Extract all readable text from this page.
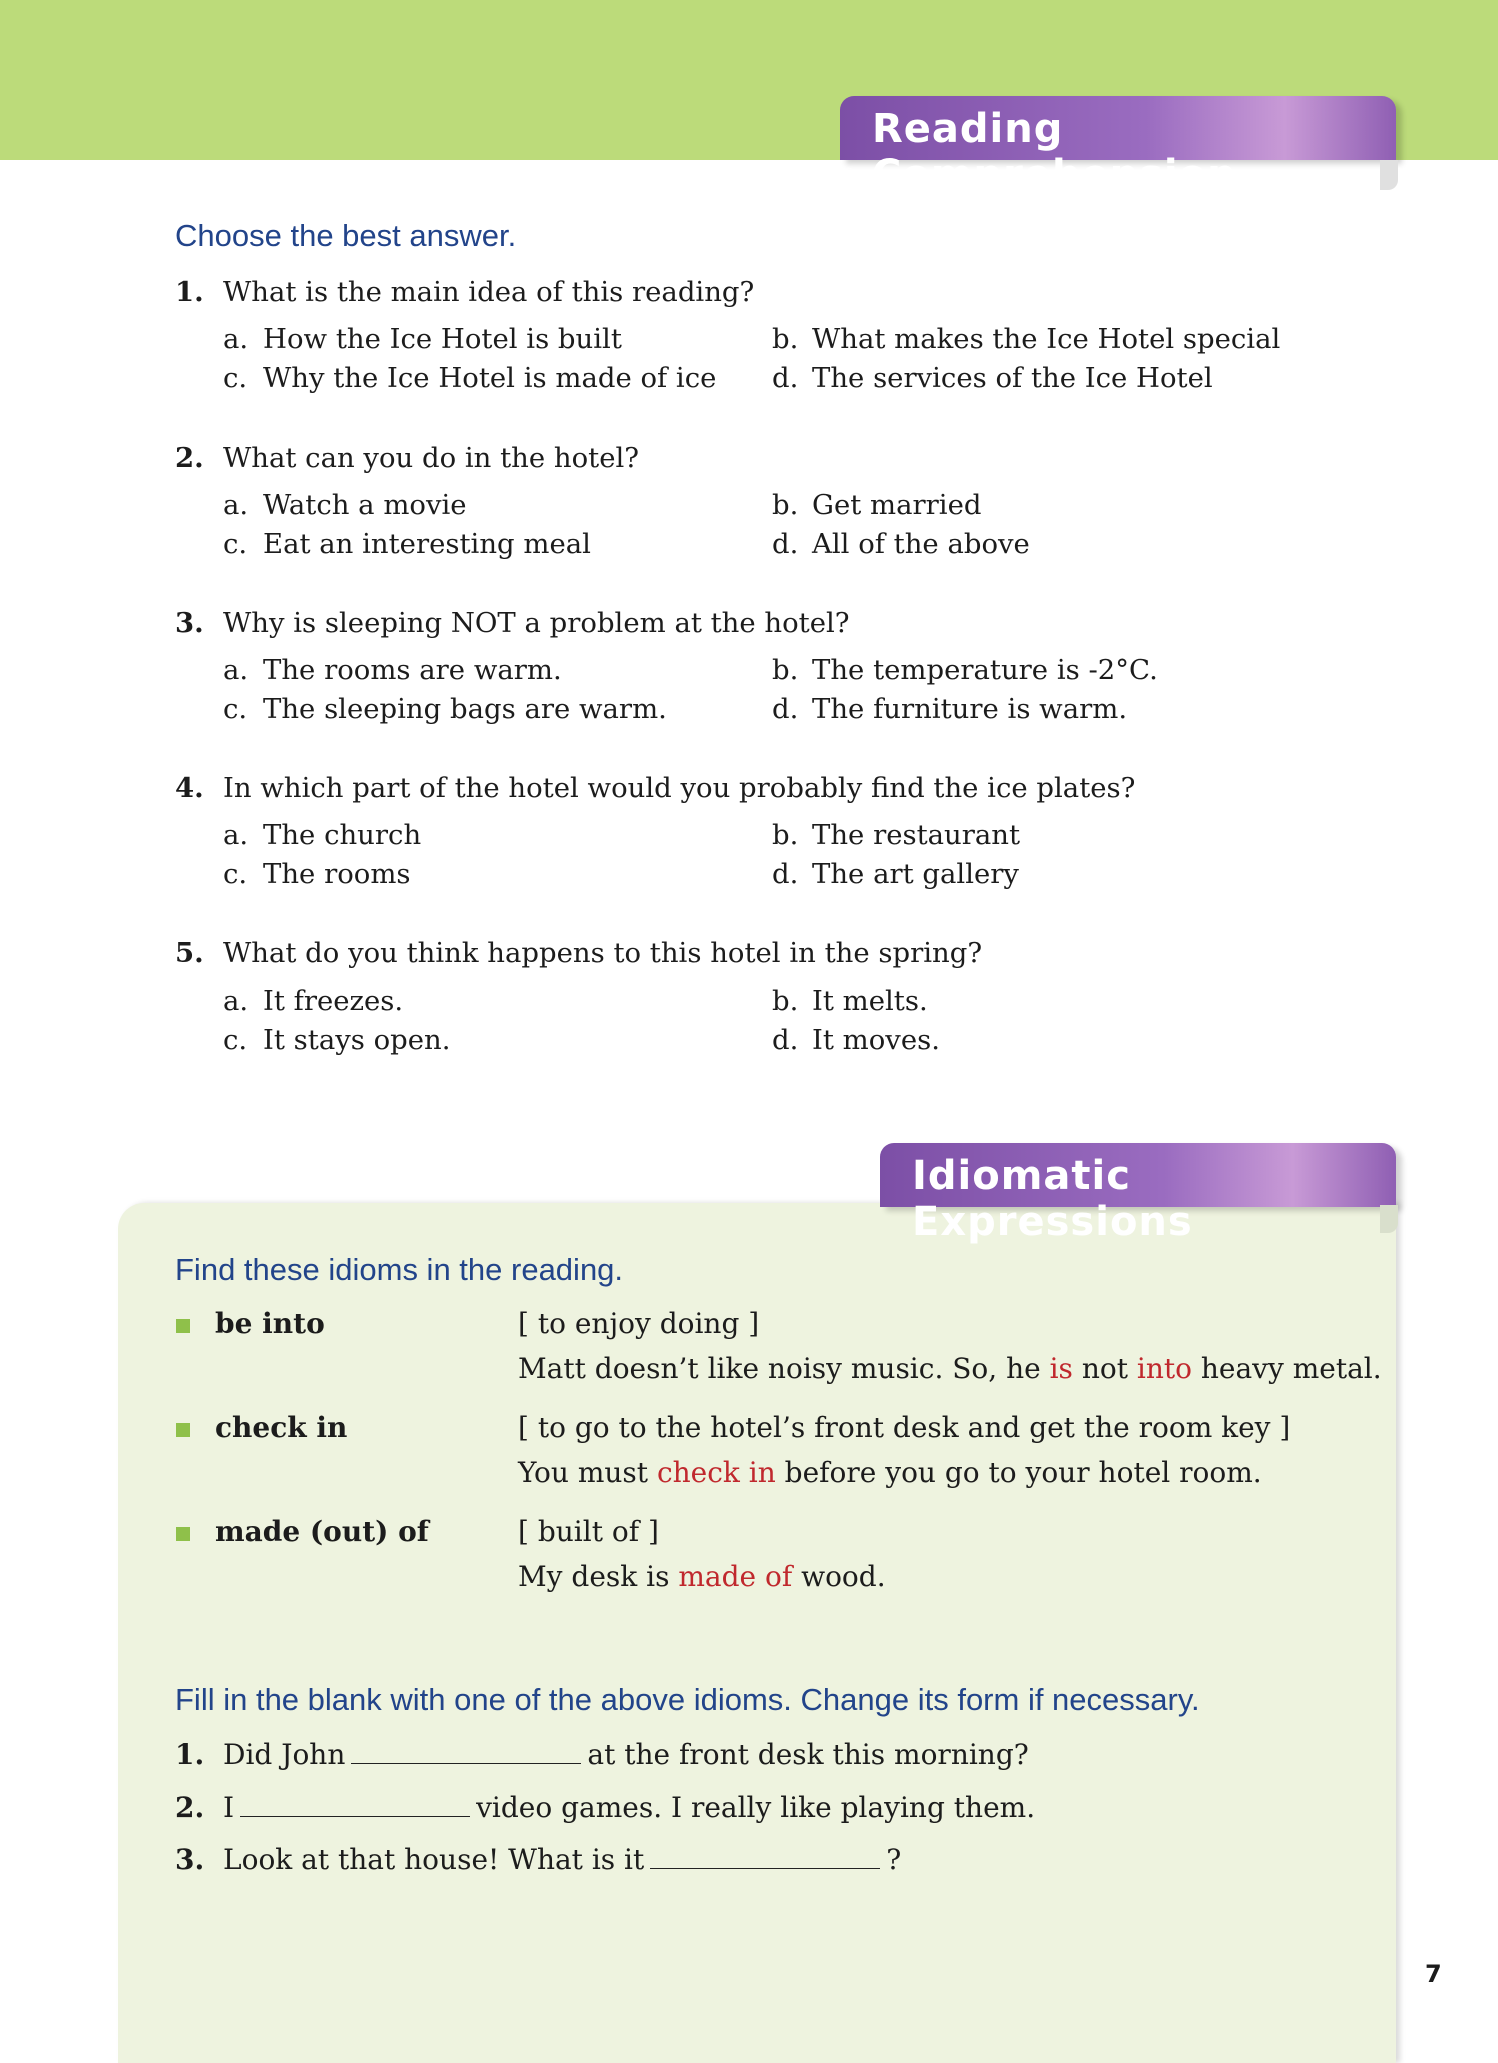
Reading Comprehension
Choose the best answer.
1. What is the main idea of this reading?
a. How the Ice Hotel is built	b. What makes the Ice Hotel special
c. Why the Ice Hotel is made of ice d. The services of the Ice Hotel
2. What can you do in the hotel?
a. Watch a movie	b. Get married
c. Eat an interesting meal	d. All of the above
3. Why is sleeping NOT a problem at the hotel?
a. The rooms are warm.	b. The temperature is -2°C.
c. The sleeping bags are warm.	d. The furniture is warm.
4. In which part of the hotel would you probably find the ice plates?
a. The church	b. The restaurant
c. The rooms	d. The art gallery
5. What do you think happens to this hotel in the spring?
a. It freezes.	b. It melts.
c. It stays open.	d. It moves.
Idiomatic Expressions
Find these idioms in the reading.
be into	[ to enjoy doing ]
Matt doesn’t like noisy music. So, he is not into heavy metal.
check in	[ to go to the hotel’s front desk and get the room key ]
You must check in before you go to your hotel room.
made (out) of	[ built of ]
My desk is made of wood.
Fill in the blank with one of the above idioms. Change its form if necessary.
1. Did John	at the front desk this morning?
2. I	video games. I really like playing them.
3. Look at that house! What is it	?
7
